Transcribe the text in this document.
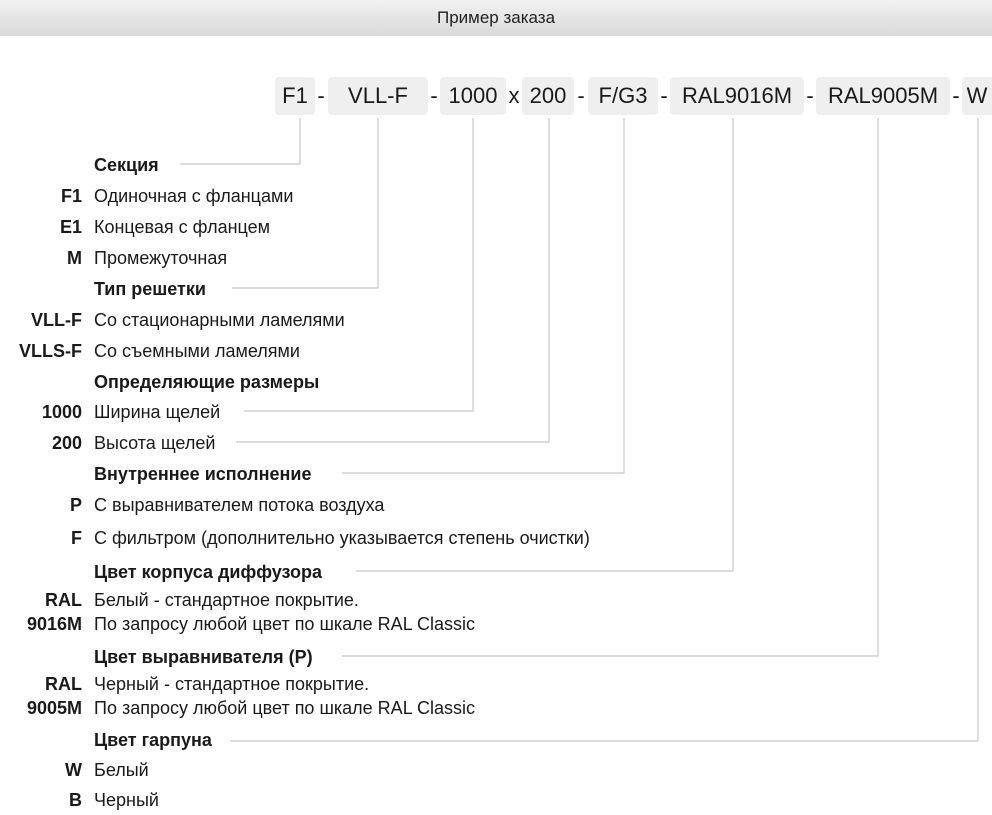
Пример заказа
F1 -	VLL-F	- 1000 x 200 - F/G3 - RAL9016M - RAL9005M - W
Секция
F1 Одиночная с фланцами
E1 Концевая с фланцем
M Промежуточная
Тип решетки
VLL-F Со стационарными ламелями
VLLS-F Со съемными ламелями
Определяющие размеры
1000 Ширина щелей
200 Высота щелей
Внутреннее исполнение
P С выравнивателем потока воздуха
F С фильтром (дополнительно указывается степень очистки)
Цвет корпуса диффузора
RAL
9016M
Белый - стандартное покрытие.
По запросу любой цвет по шкале RAL Classic
Цвет выравнивателя (Р)
RAL
9005M
Черный - стандартное покрытие.
По запросу любой цвет по шкале RAL Classic
Цвет гарпуна
W Белый
B Черный
